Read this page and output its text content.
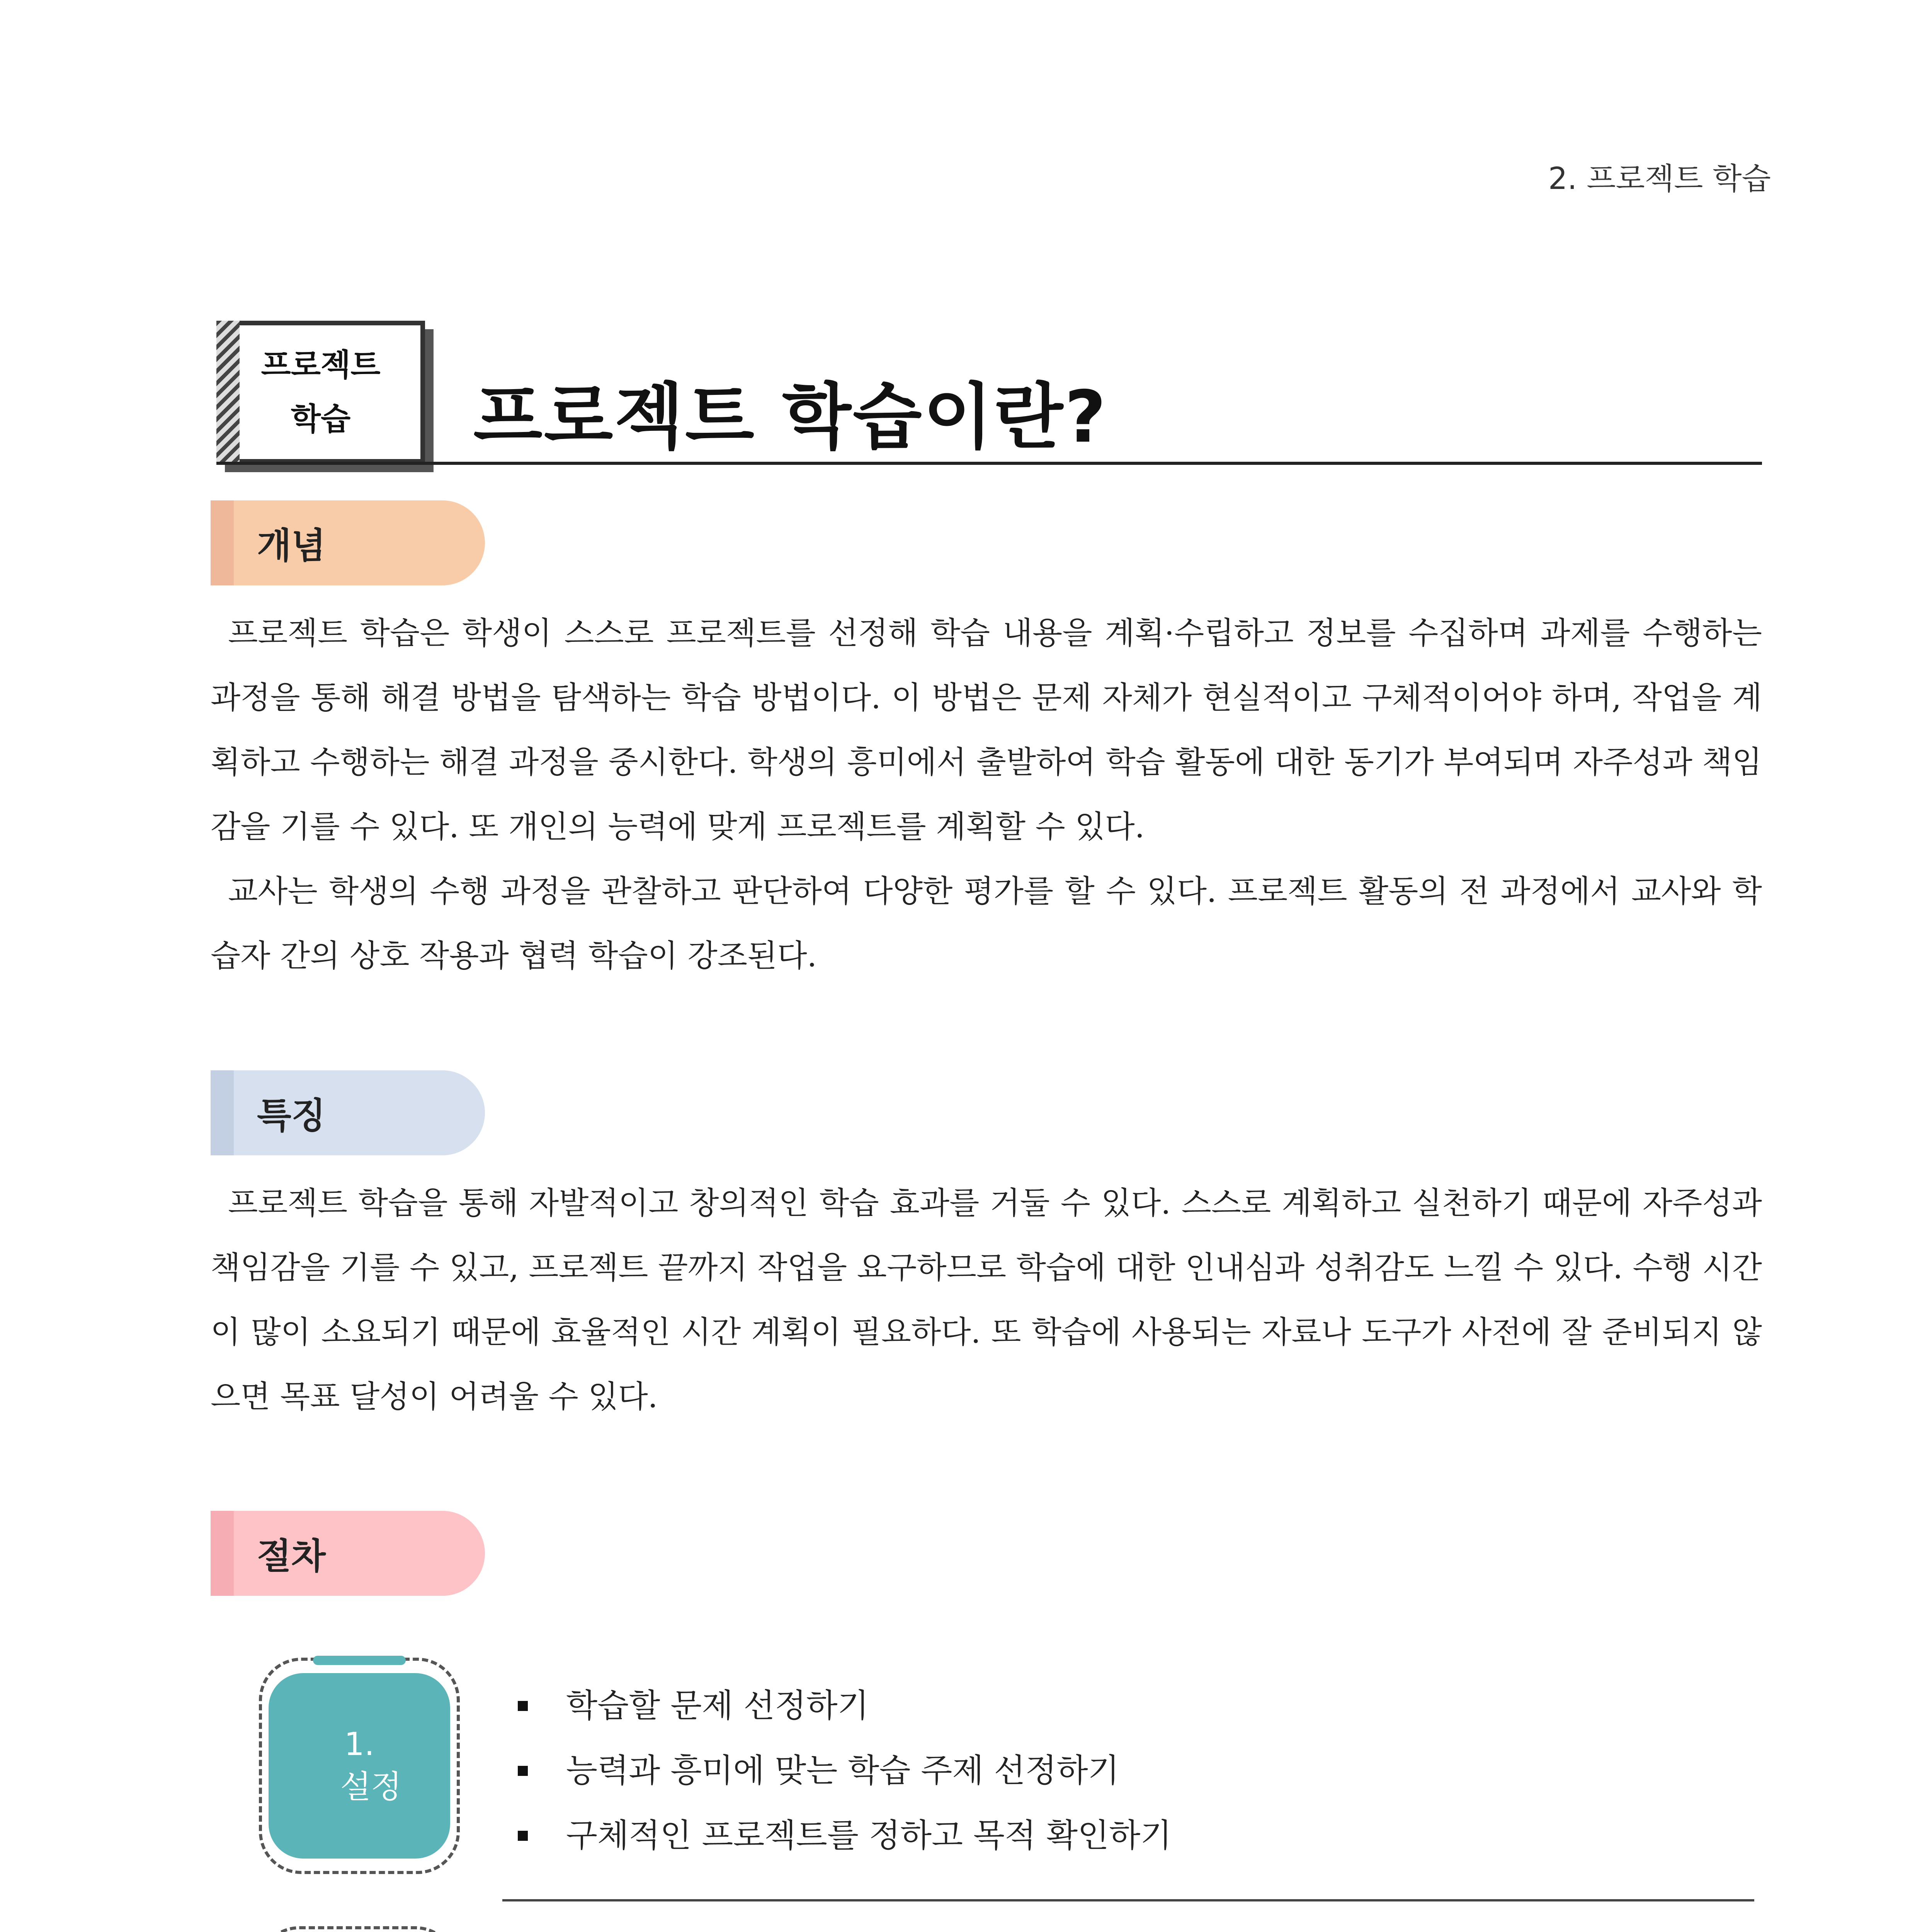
2. 프로젝트 학습
프로젝트
학습 프로젝트 학습이란?
개념

프로젝트 학습은 학생이 스스로 프로젝트를 선정해 학습 내용을 계획·수립하고 정보를 수집하며 과제를 수행하는 과정을 통해 해결 방법을 탐색하는 학습 방법이다. 이 방법은 문제 자체가 현실적이고 구체적이어야 하며, 작업을 계획하고 수행하는 해결 과정을 중시한다. 학생의 흥미에서 출발하여 학습 활동에 대한 동기가 부여되며 자주성과 책임감을 기를 수 있다. 또 개인의 능력에 맞게 프로젝트를 계획할 수 있다.

교사는 학생의 수행 과정을 관찰하고 판단하여 다양한 평가를 할 수 있다. 프로젝트 활동의 전 과정에서 교사와 학습자 간의 상호 작용과 협력 학습이 강조된다.

특징

프로젝트 학습을 통해 자발적이고 창의적인 학습 효과를 거둘 수 있다. 스스로 계획하고 실천하기 때문에 자주성과 책임감을 기를 수 있고, 프로젝트 끝까지 작업을 요구하므로 학습에 대한 인내심과 성취감도 느낄 수 있다. 수행 시간이 많이 소요되기 때문에 효율적인 시간 계획이 필요하다. 또 학습에 사용되는 자료나 도구가 사전에 잘 준비되지 않으면 목표 달성이 어려울 수 있다.

절차
1.
설정
학습할 문제 선정하기
능력과 흥미에 맞는 학습 주제 선정하기
구체적인 프로젝트를 정하고 목적 확인하기
